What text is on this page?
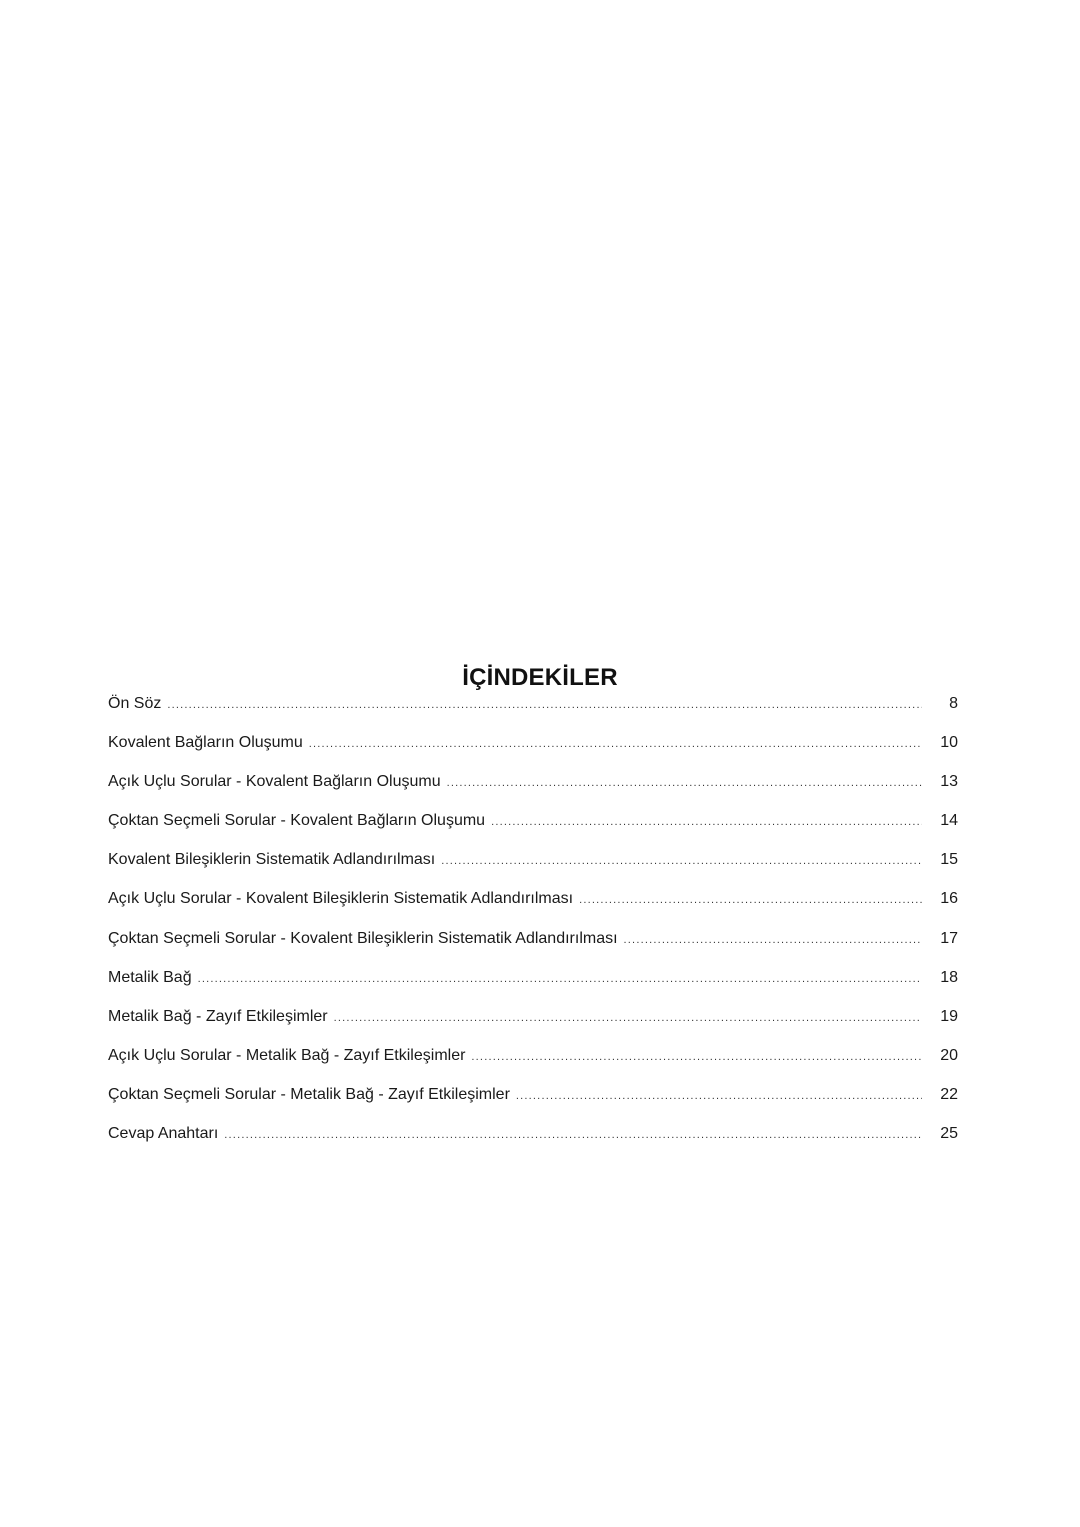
İÇİNDEKİLER
Ön Söz .....	8
Kovalent Bağların Oluşumu .....	10
Açık Uçlu Sorular - Kovalent Bağların Oluşumu .....	13
Çoktan Seçmeli Sorular - Kovalent Bağların Oluşumu .....	14
Kovalent Bileşiklerin Sistematik Adlandırılması .....	15
Açık Uçlu Sorular - Kovalent Bileşiklerin Sistematik Adlandırılması .....	16
Çoktan Seçmeli Sorular - Kovalent Bileşiklerin Sistematik Adlandırılması .....	17
Metalik Bağ .....	18
Metalik Bağ - Zayıf Etkileşimler .....	19
Açık Uçlu Sorular - Metalik Bağ - Zayıf Etkileşimler .....	20
Çoktan Seçmeli Sorular - Metalik Bağ - Zayıf Etkileşimler .....	22
Cevap Anahtarı .....	25
